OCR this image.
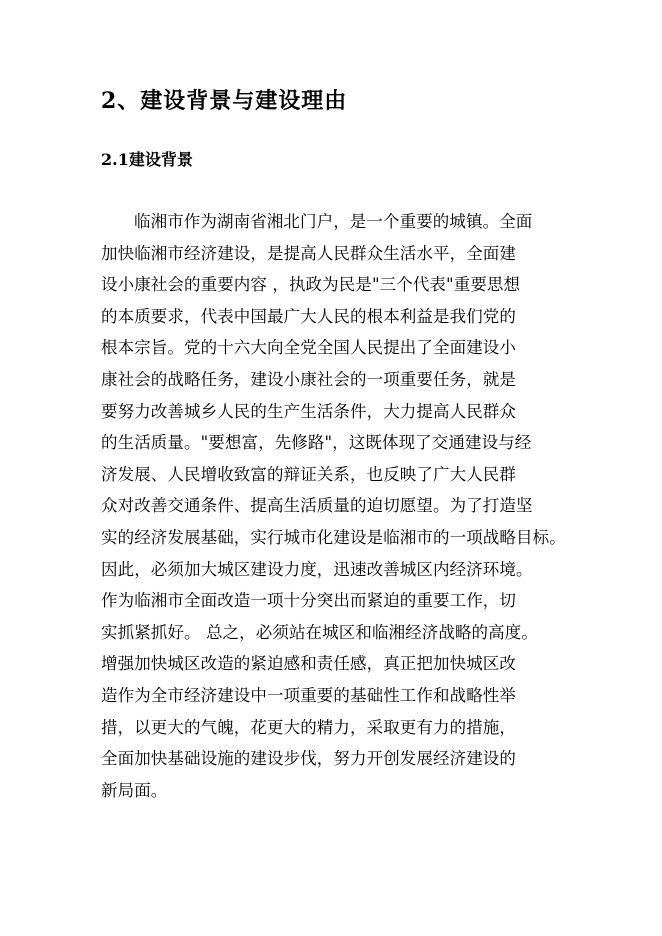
2、建设背景与建设理由
2.1建设背景
临湘市作为湖南省湘北门户，是一个重要的城镇。全面
加快临湘市经济建设，是提高人民群众生活水平，全面建
设小康社会的重要内容 ，执政为民是"三个代表"重要思想
的本质要求，代表中国最广大人民的根本利益是我们党的
根本宗旨。党的十六大向全党全国人民提出了全面建设小
康社会的战略任务，建设小康社会的一项重要任务，就是
要努力改善城乡人民的生产生活条件，大力提高人民群众
的生活质量。"要想富，先修路"，这既体现了交通建设与经
济发展、人民增收致富的辩证关系，也反映了广大人民群
众对改善交通条件、提高生活质量的迫切愿望。为了打造坚
实的经济发展基础，实行城市化建设是临湘市的一项战略目标。
因此，必须加大城区建设力度，迅速改善城区内经济环境。
作为临湘市全面改造一项十分突出而紧迫的重要工作，切
实抓紧抓好。 总之，必须站在城区和临湘经济战略的高度。
增强加快城区改造的紧迫感和责任感，真正把加快城区改
造作为全市经济建设中一项重要的基础性工作和战略性举
措，以更大的气魄，花更大的精力，采取更有力的措施，
全面加快基础设施的建设步伐，努力开创发展经济建设的
新局面。
